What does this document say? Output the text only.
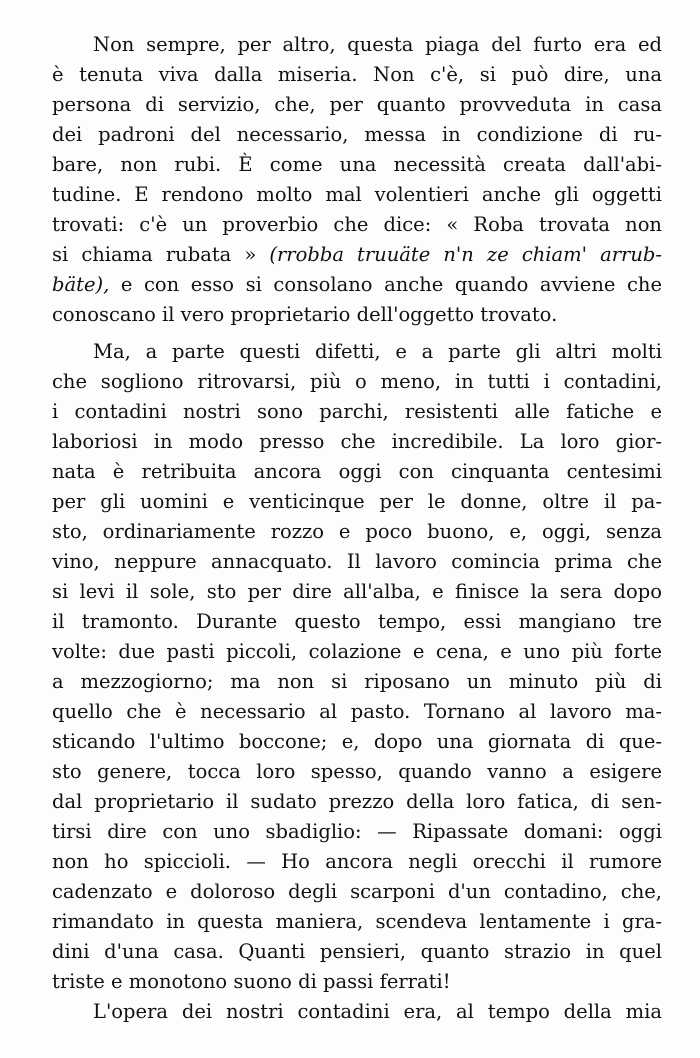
Non sempre, per altro, questa piaga del furto era ed
è tenuta viva dalla miseria. Non c'è, si può dire, una
persona di servizio, che, per quanto provveduta in casa
dei padroni del necessario, messa in condizione di ru-
bare, non rubi. È come una necessità creata dall'abi-
tudine. E rendono molto mal volentieri anche gli oggetti
trovati: c'è un proverbio che dice: « Roba trovata non
si chiama rubata » (rrobba truuäte n'n ze chiam' arrub-
bäte), e con esso si consolano anche quando avviene che
conoscano il vero proprietario dell'oggetto trovato.
Ma, a parte questi difetti, e a parte gli altri molti
che sogliono ritrovarsi, più o meno, in tutti i contadini,
i contadini nostri sono parchi, resistenti alle fatiche e
laboriosi in modo presso che incredibile. La loro gior-
nata è retribuita ancora oggi con cinquanta centesimi
per gli uomini e venticinque per le donne, oltre il pa-
sto, ordinariamente rozzo e poco buono, e, oggi, senza
vino, neppure annacquato. Il lavoro comincia prima che
si levi il sole, sto per dire all'alba, e finisce la sera dopo
il tramonto. Durante questo tempo, essi mangiano tre
volte: due pasti piccoli, colazione e cena, e uno più forte
a mezzogiorno; ma non si riposano un minuto più di
quello che è necessario al pasto. Tornano al lavoro ma-
sticando l'ultimo boccone; e, dopo una giornata di que-
sto genere, tocca loro spesso, quando vanno a esigere
dal proprietario il sudato prezzo della loro fatica, di sen-
tirsi dire con uno sbadiglio: — Ripassate domani: oggi
non ho spiccioli. — Ho ancora negli orecchi il rumore
cadenzato e doloroso degli scarponi d'un contadino, che,
rimandato in questa maniera, scendeva lentamente i gra-
dini d'una casa. Quanti pensieri, quanto strazio in quel
triste e monotono suono di passi ferrati!
L'opera dei nostri contadini era, al tempo della mia
